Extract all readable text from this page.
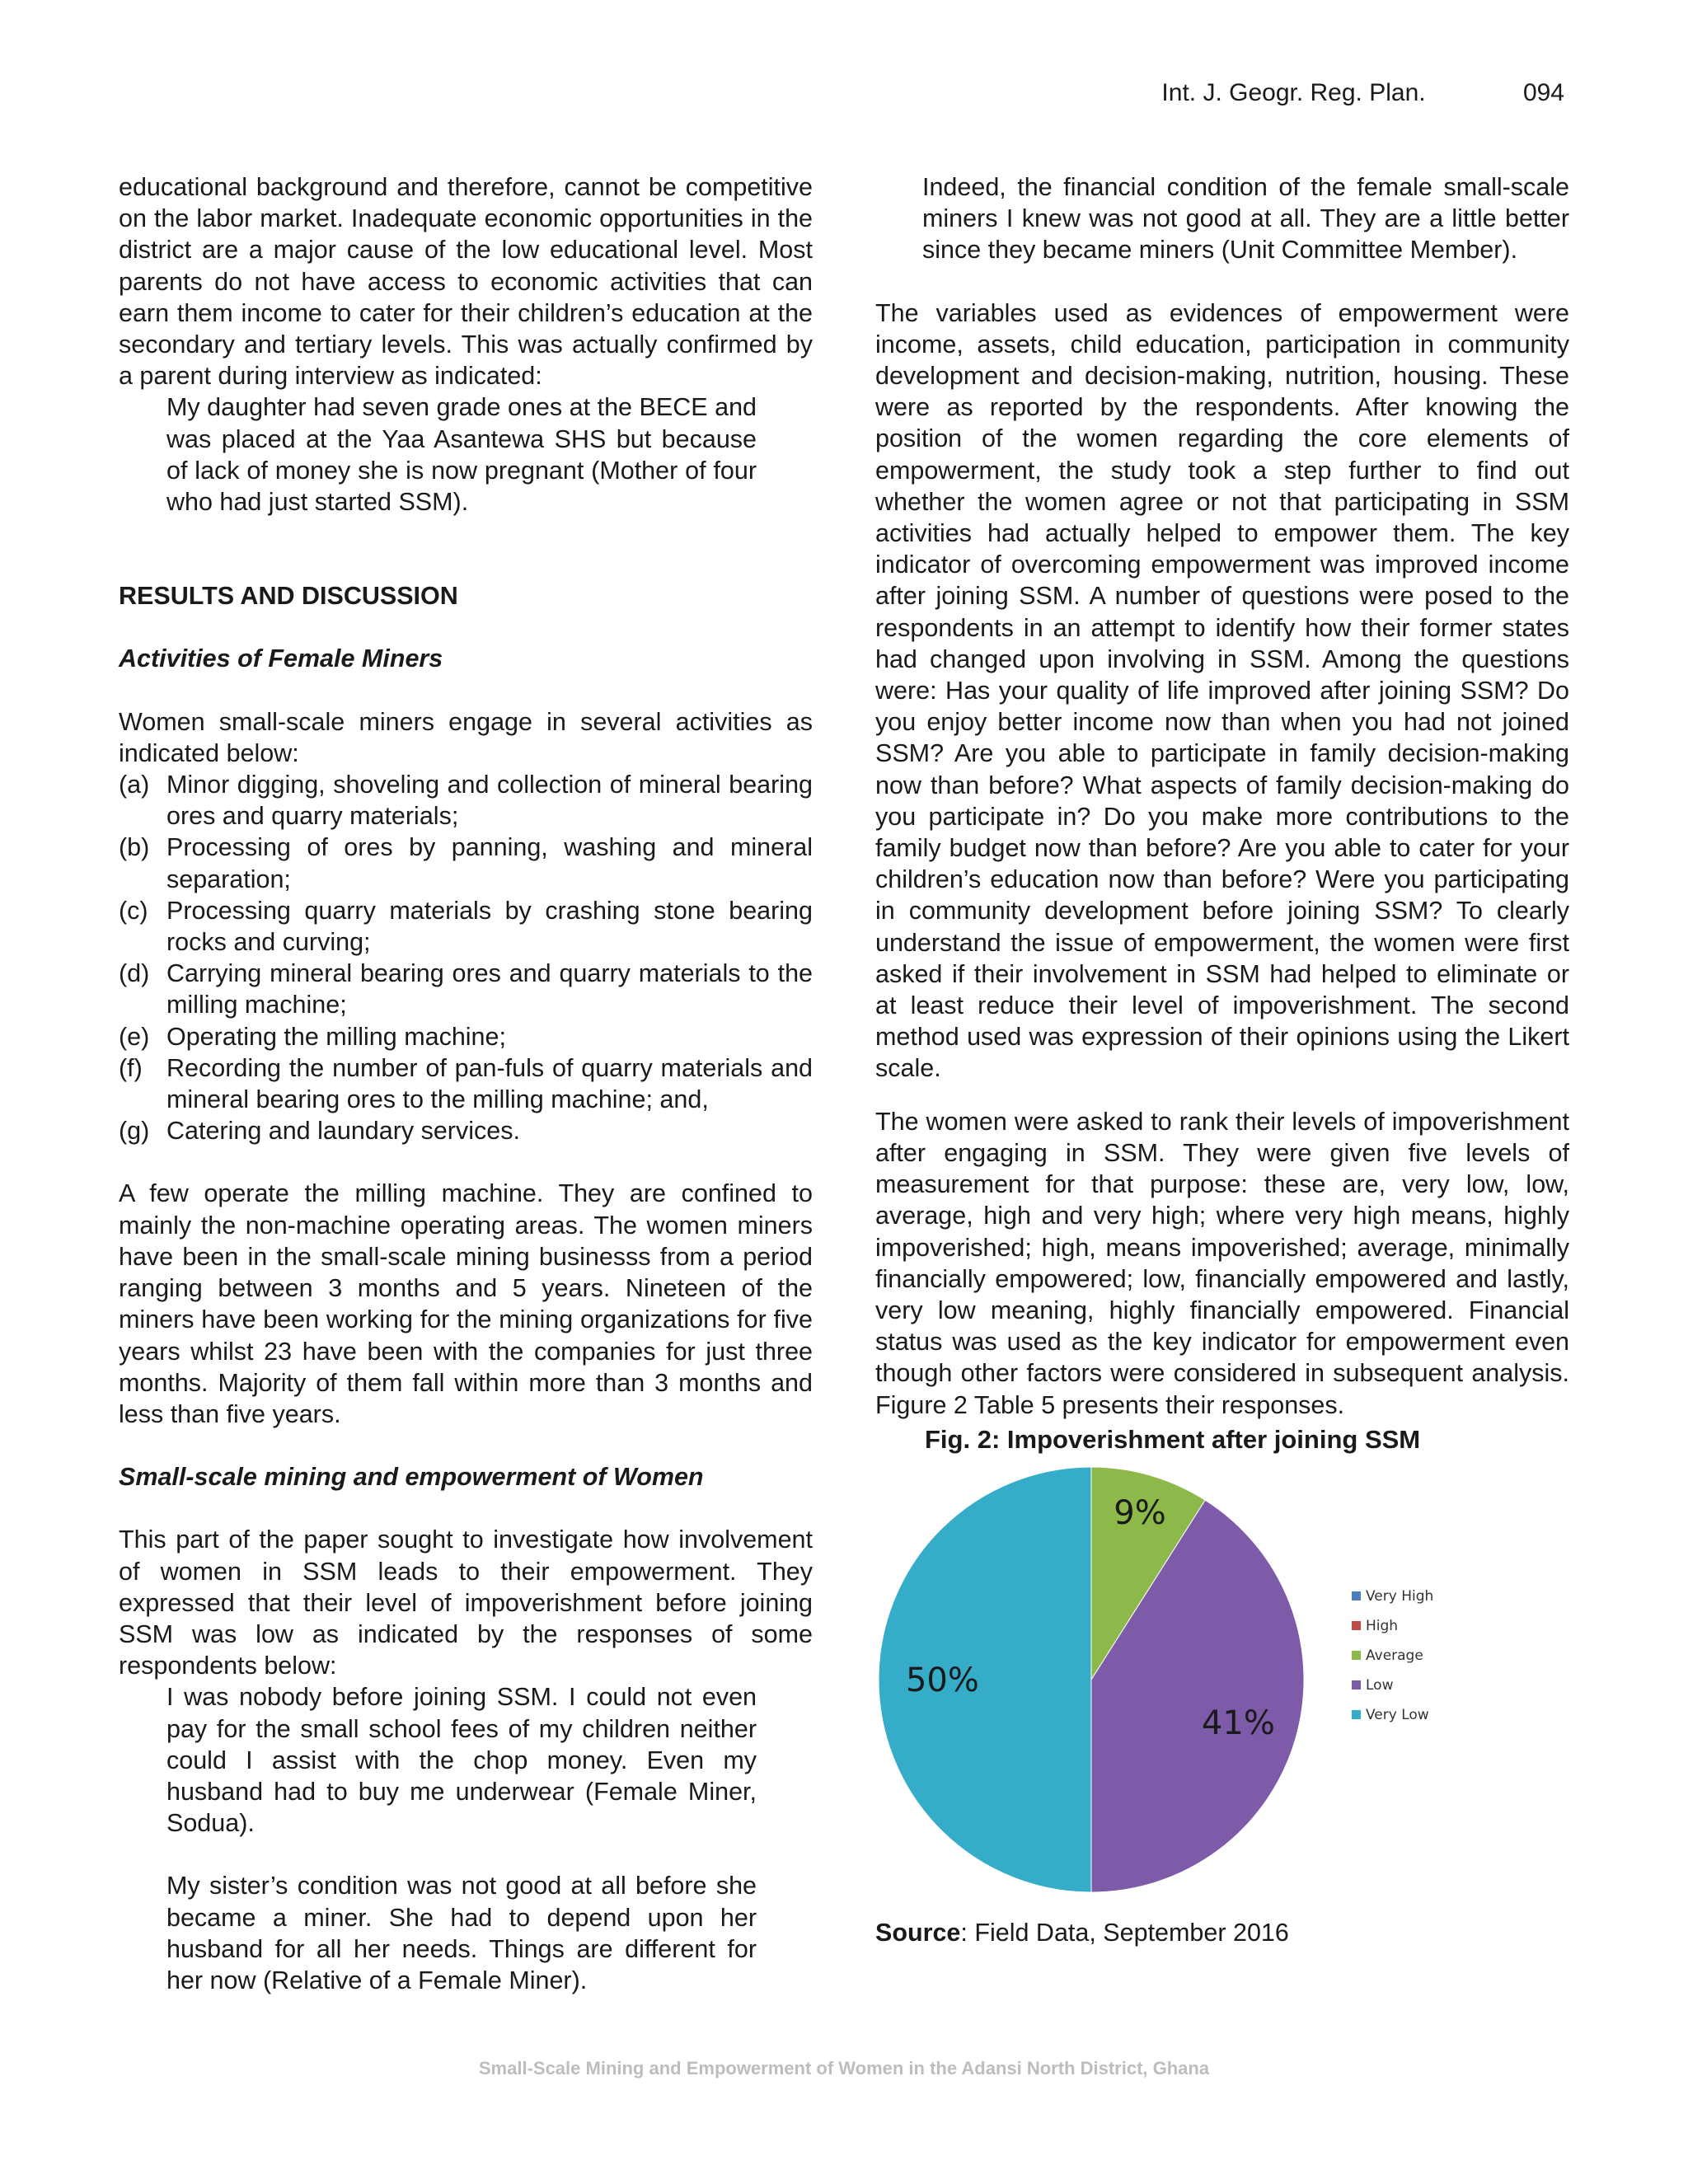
Int. J. Geogr. Reg. Plan.	094

educational background and therefore, cannot be competitive on the labor market. Inadequate economic opportunities in the district are a major cause of the low educational level. Most parents do not have access to economic activities that can earn them income to cater for their children’s education at the secondary and tertiary levels. This was actually confirmed by a parent during interview as indicated:

My daughter had seven grade ones at the BECE and was placed at the Yaa Asantewa SHS but because of lack of money she is now pregnant (Mother of four who had just started SSM).

RESULTS AND DISCUSSION

Activities of Female Miners

Women small-scale miners engage in several activities as indicated below:

(a) Minor digging, shoveling and collection of mineral bearing ores and quarry materials;
(b) Processing of ores by panning, washing and mineral separation;
(c) Processing quarry materials by crashing stone bearing rocks and curving;
(d) Carrying mineral bearing ores and quarry materials to the milling machine;
(e) Operating the milling machine;
(f) Recording the number of pan-fuls of quarry materials and mineral bearing ores to the milling machine; and,
(g) Catering and laundary services.

A few operate the milling machine. They are confined to mainly the non-machine operating areas. The women miners have been in the small-scale mining businesss from a period ranging between 3 months and 5 years. Nineteen of the miners have been working for the mining organizations for five years whilst 23 have been with the companies for just three months. Majority of them fall within more than 3 months and less than five years.

Small-scale mining and empowerment of Women

This part of the paper sought to investigate how involvement of women in SSM leads to their empowerment. They expressed that their level of impoverishment before joining SSM was low as indicated by the responses of some respondents below:

I was nobody before joining SSM. I could not even pay for the small school fees of my children neither could I assist with the chop money. Even my husband had to buy me underwear (Female Miner, Sodua).

My sister’s condition was not good at all before she became a miner. She had to depend upon her husband for all her needs. Things are different for her now (Relative of a Female Miner).

Indeed, the financial condition of the female small-scale miners I knew was not good at all. They are a little better since they became miners (Unit Committee Member).

The variables used as evidences of empowerment were income, assets, child education, participation in community development and decision-making, nutrition, housing. These were as reported by the respondents. After knowing the position of the women regarding the core elements of empowerment, the study took a step further to find out whether the women agree or not that participating in SSM activities had actually helped to empower them. The key indicator of overcoming empowerment was improved income after joining SSM. A number of questions were posed to the respondents in an attempt to identify how their former states had changed upon involving in SSM. Among the questions were: Has your quality of life improved after joining SSM? Do you enjoy better income now than when you had not joined SSM? Are you able to participate in family decision-making now than before? What aspects of family decision-making do you participate in? Do you make more contributions to the family budget now than before? Are you able to cater for your children’s education now than before? Were you participating in community development before joining SSM? To clearly understand the issue of empowerment, the women were first asked if their involvement in SSM had helped to eliminate or at least reduce their level of impoverishment. The second method used was expression of their opinions using the Likert scale.

The women were asked to rank their levels of impoverishment after engaging in SSM. They were given five levels of measurement for that purpose: these are, very low, low, average, high and very high; where very high means, highly impoverished; high, means impoverished; average, minimally financially empowered; low, financially empowered and lastly, very low meaning, highly financially empowered. Financial status was used as the key indicator for empowerment even though other factors were considered in subsequent analysis. Figure 2 Table 5 presents their responses.

Fig. 2: Impoverishment after joining SSM
9%
41%
50%
Very High
High
Average
Low
Very Low

Source: Field Data, September 2016

Small-Scale Mining and Empowerment of Women in the Adansi North District, Ghana
